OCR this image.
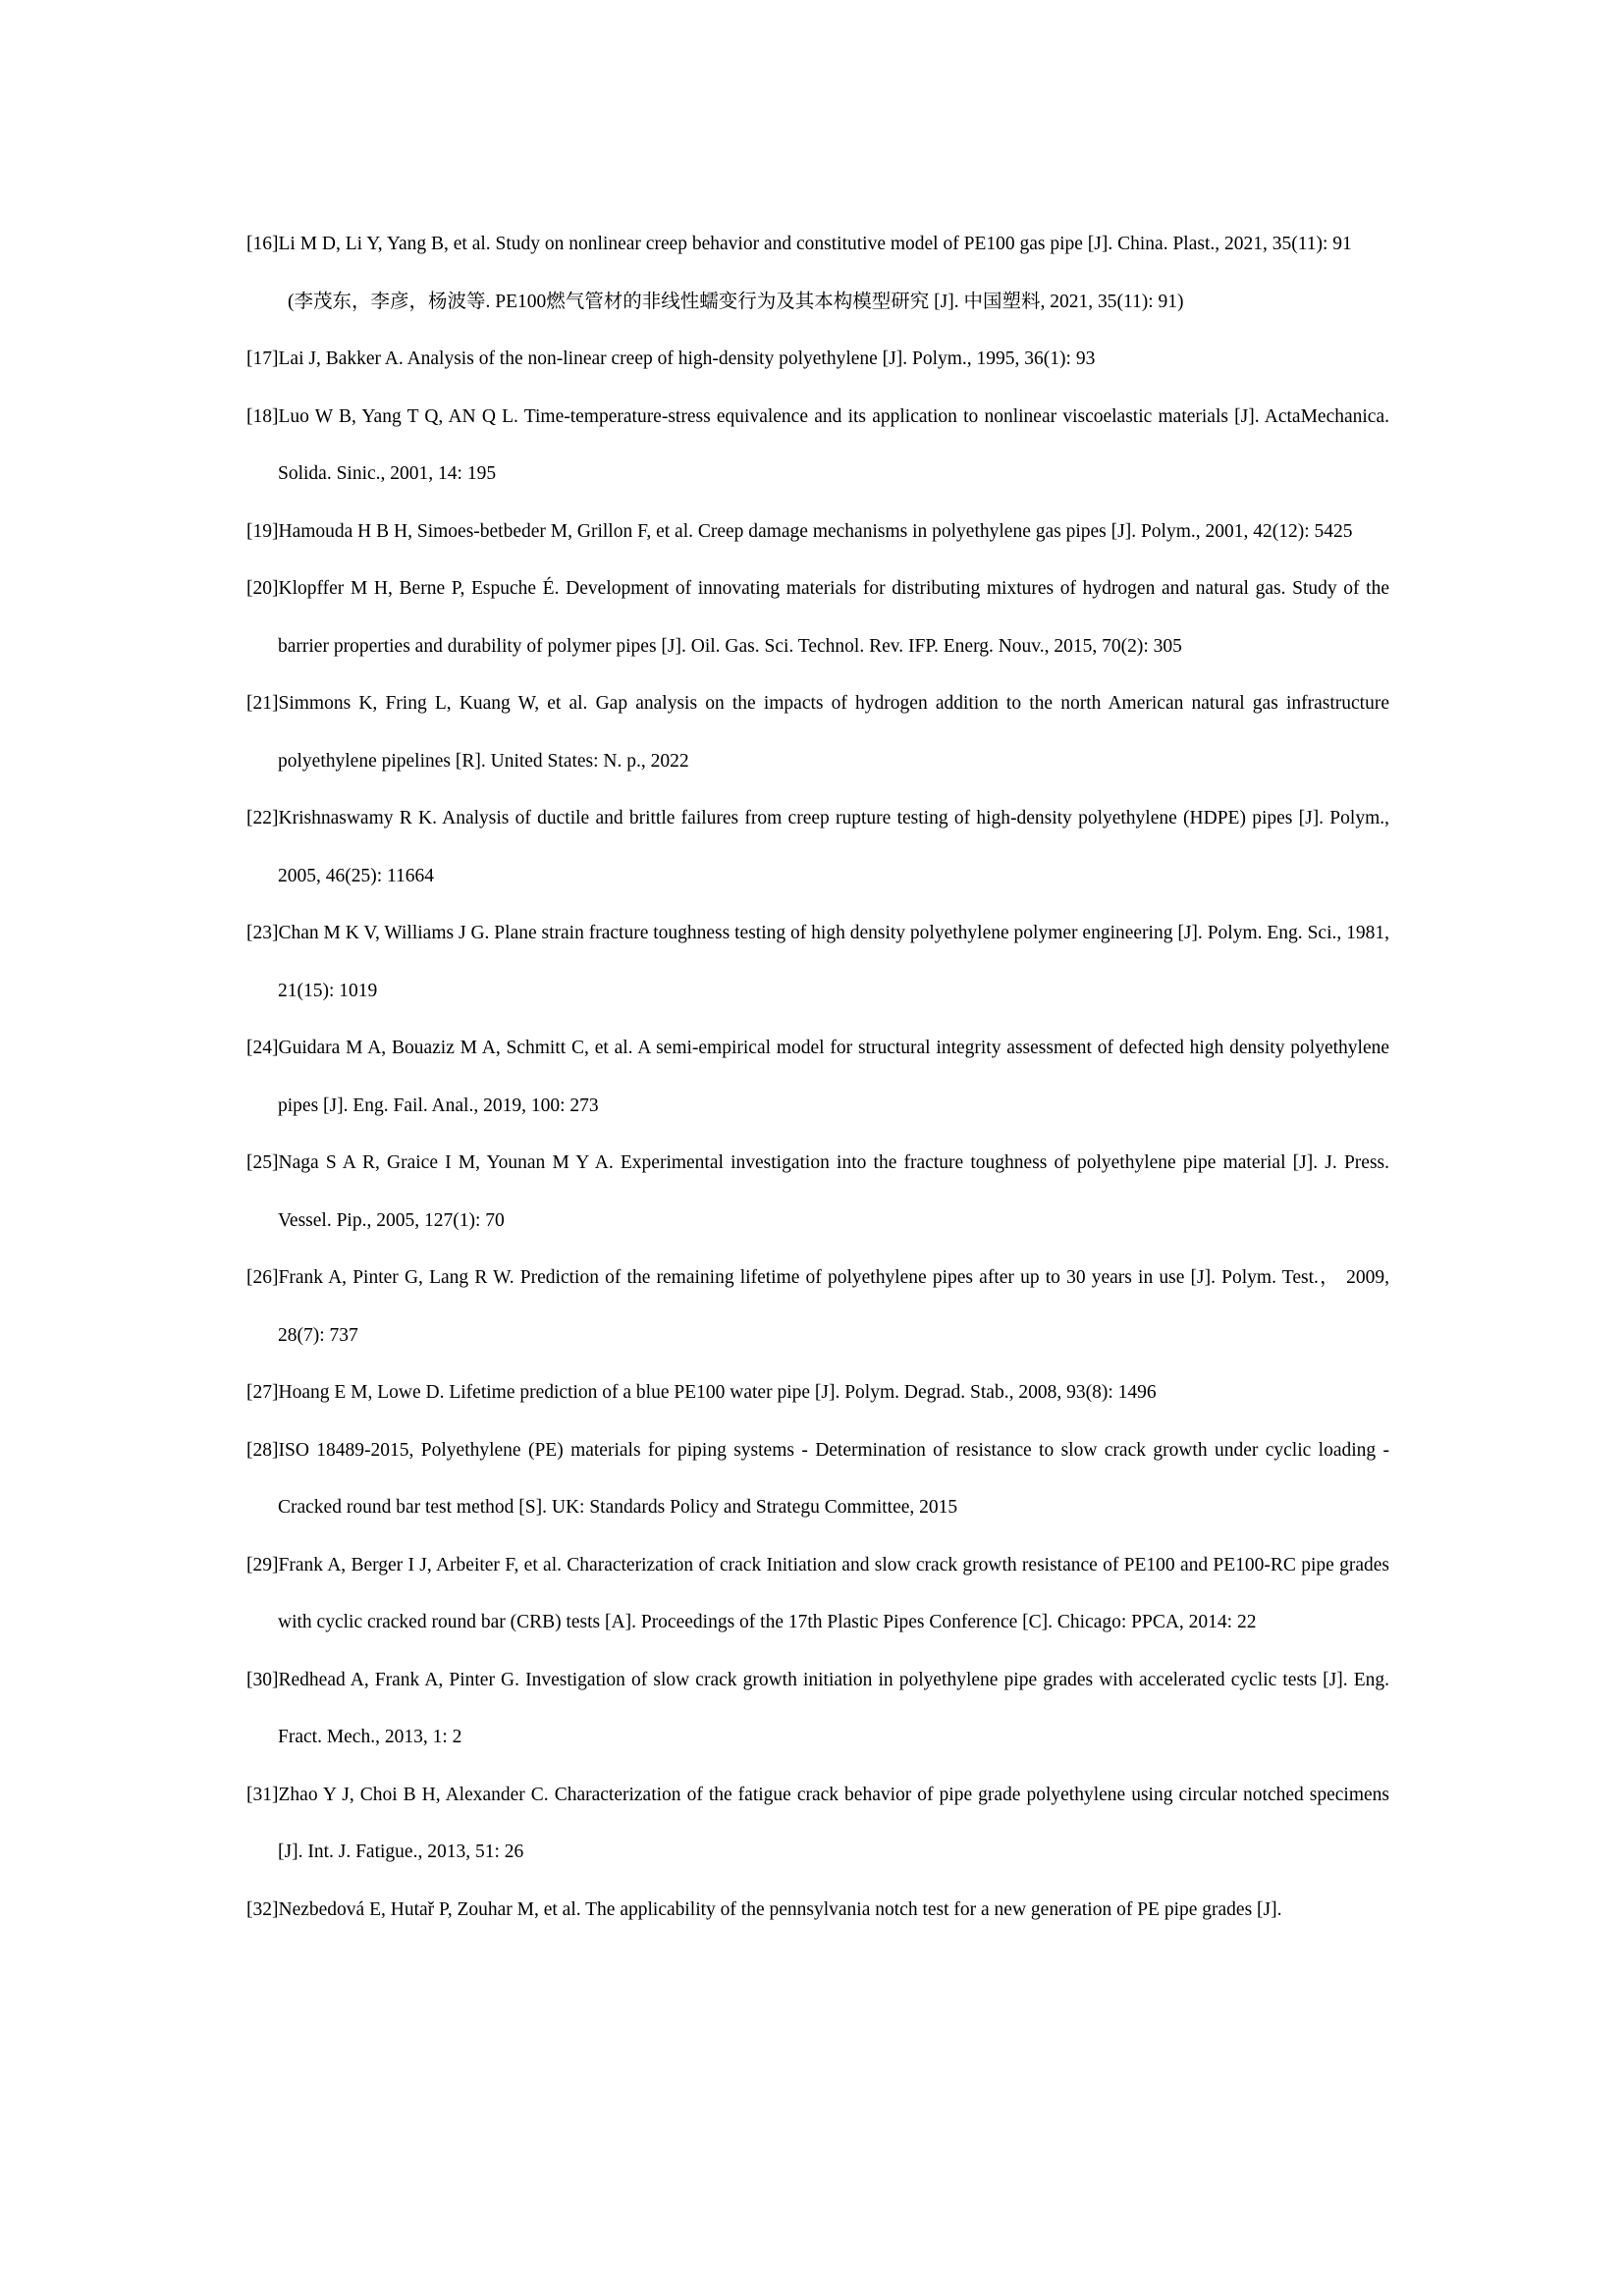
[16]Li M D, Li Y, Yang B, et al. Study on nonlinear creep behavior and constitutive model of PE100 gas pipe [J]. China. Plast., 2021, 35(11): 91

(李茂东，李彦，杨波等. PE100燃气管材的非线性蠕变行为及其本构模型研究 [J]. 中国塑料, 2021, 35(11): 91)

[17]Lai J, Bakker A. Analysis of the non-linear creep of high-density polyethylene [J]. Polym., 1995, 36(1): 93

[18]Luo W B, Yang T Q, AN Q L. Time-temperature-stress equivalence and its application to nonlinear viscoelastic materials [J]. ActaMechanica. Solida. Sinic., 2001, 14: 195

[19]Hamouda H B H, Simoes-betbeder M, Grillon F, et al. Creep damage mechanisms in polyethylene gas pipes [J]. Polym., 2001, 42(12): 5425

[20]Klopffer M H, Berne P, Espuche É. Development of innovating materials for distributing mixtures of hydrogen and natural gas. Study of the barrier properties and durability of polymer pipes [J]. Oil. Gas. Sci. Technol. Rev. IFP. Energ. Nouv., 2015, 70(2): 305

[21]Simmons K, Fring L, Kuang W, et al. Gap analysis on the impacts of hydrogen addition to the north American natural gas infrastructure polyethylene pipelines [R]. United States: N. p., 2022

[22]Krishnaswamy R K. Analysis of ductile and brittle failures from creep rupture testing of high-density polyethylene (HDPE) pipes [J]. Polym., 2005, 46(25): 11664

[23]Chan M K V, Williams J G. Plane strain fracture toughness testing of high density polyethylene polymer engineering [J]. Polym. Eng. Sci., 1981, 21(15): 1019

[24]Guidara M A, Bouaziz M A, Schmitt C, et al. A semi-empirical model for structural integrity assessment of defected high density polyethylene pipes [J]. Eng. Fail. Anal., 2019, 100: 273

[25]Naga S A R, Graice I M, Younan M Y A. Experimental investigation into the fracture toughness of polyethylene pipe material [J]. J. Press. Vessel. Pip., 2005, 127(1): 70

[26]Frank A, Pinter G, Lang R W. Prediction of the remaining lifetime of polyethylene pipes after up to 30 years in use [J]. Polym. Test.， 2009, 28(7): 737

[27]Hoang E M, Lowe D. Lifetime prediction of a blue PE100 water pipe [J]. Polym. Degrad. Stab., 2008, 93(8): 1496

[28]ISO 18489-2015, Polyethylene (PE) materials for piping systems - Determination of resistance to slow crack growth under cyclic loading - Cracked round bar test method [S]. UK: Standards Policy and Strategu Committee, 2015

[29]Frank A, Berger I J, Arbeiter F, et al. Characterization of crack Initiation and slow crack growth resistance of PE100 and PE100-RC pipe grades with cyclic cracked round bar (CRB) tests [A]. Proceedings of the 17th Plastic Pipes Conference [C]. Chicago: PPCA, 2014: 22

[30]Redhead A, Frank A, Pinter G. Investigation of slow crack growth initiation in polyethylene pipe grades with accelerated cyclic tests [J]. Eng. Fract. Mech., 2013, 1: 2

[31]Zhao Y J, Choi B H, Alexander C. Characterization of the fatigue crack behavior of pipe grade polyethylene using circular notched specimens [J]. Int. J. Fatigue., 2013, 51: 26

[32]Nezbedová E, Hutař P, Zouhar M, et al. The applicability of the pennsylvania notch test for a new generation of PE pipe grades [J].
